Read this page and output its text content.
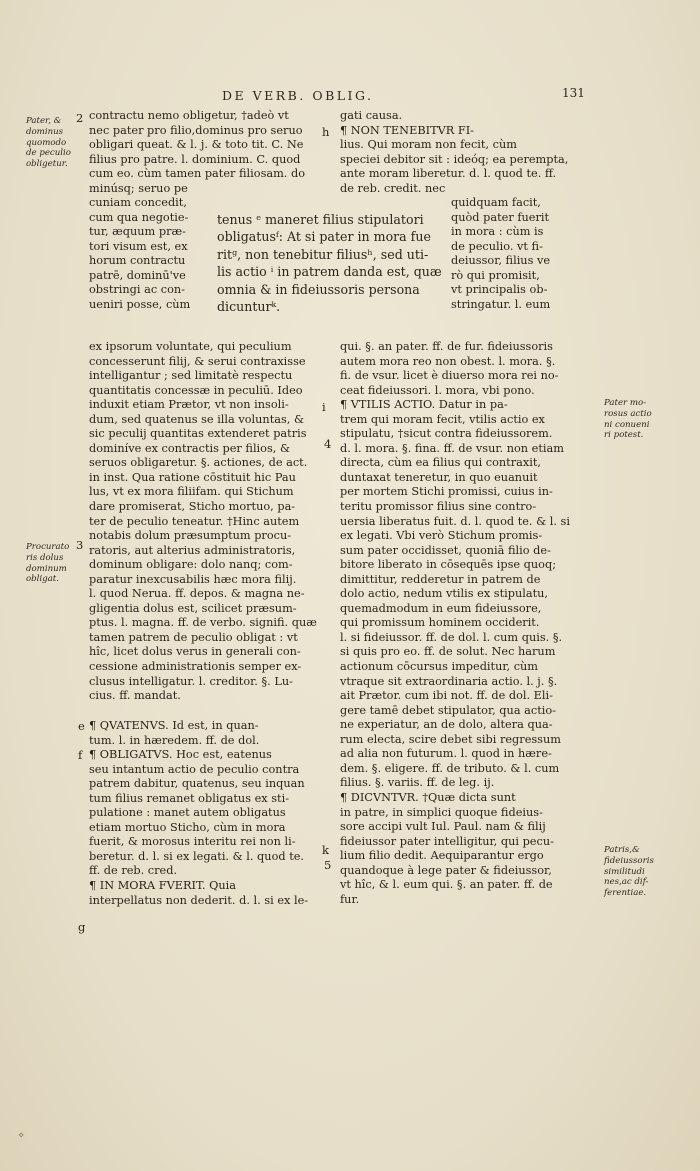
DE VERB. OBLIG.	131
Pater, &
dominus
quomodo
de peculio
obligetur.
Procurato
ris dolus
dominum
obligat.
Pater mo-
rosus actio
ni conueni
ri potest.
Patris,&
fideiussoris
similitudi
nes,ac dif-
ferentiae.
2
3
4
5
h
i
k
e
f
g
contractu nemo obligetur, †adeò vt
nec pater pro filio,dominus pro seruo
obligari queat. & l. j. & toto tit. C. Ne
filius pro patre. l. dominium. C. quod
cum eo. cùm tamen pater filiosam. do
minúsq; seruo pe
cuniam concedit,
cum qua negotie-
tur, æquum præ-
tori visum est, ex
horum contractu
patrē, dominū've
obstringi ac con-
ueniri posse, cùm
tenus ᵉ maneret filius stipulatori
obligatusᶠ: At si pater in mora fue
ritᵍ, non tenebitur filiusʰ, sed uti-
lis actio ⁱ in patrem danda est, quæ
omnia & in fideiussoris persona
dicunturᵏ.
ex ipsorum voluntate, qui peculium
concesserunt filij, & serui contraxisse
intelligantur ; sed limitatè respectu
quantitatis concessæ in peculiū. Ideo
induxit etiam Prætor, vt non insoli-
dum, sed quatenus se illa voluntas, &
sic peculij quantitas extenderet patris
dominíve ex contractis per filios, &
seruos obligaretur. §. actiones, de act.
in inst. Qua ratione cōstituit hic Pau
lus, vt ex mora filiifam. qui Stichum
dare promiserat, Sticho mortuo, pa-
ter de peculio teneatur. †Hinc autem
notabis dolum præsumptum procu-
ratoris, aut alterius administratoris,
dominum obligare: dolo nanq; com-
paratur inexcusabilis hæc mora filij.
l. quod Nerua. ff. depos. & magna ne-
gligentia dolus est, scilicet præsum-
ptus. l. magna. ff. de verbo. signifi. quæ
tamen patrem de peculio obligat : vt
hîc, licet dolus verus in generali con-
cessione administrationis semper ex-
clusus intelligatur. l. creditor. §. Lu-
cius. ff. mandat.
¶ QVATENVS. Id est, in quan-
tum. l. in hæredem. ff. de dol.
¶ OBLIGATVS. Hoc est, eatenus
seu intantum actio de peculio contra
patrem dabitur, quatenus, seu inquan
tum filius remanet obligatus ex sti-
pulatione : manet autem obligatus
etiam mortuo Sticho, cùm in mora
fuerit, & morosus interitu rei non li-
beretur. d. l. si ex legati. & l. quod te.
ff. de reb. cred.
¶ IN MORA FVERIT. Quia
interpellatus non dederit. d. l. si ex le-
gati causa.
¶ NON TENEBITVR FI-
lius. Qui moram non fecit, cùm
speciei debitor sit : ideóq; ea perempta,
ante moram liberetur. d. l. quod te. ff.
de reb. credit. nec
quidquam facit,
quòd pater fuerit
in mora : cùm is
de peculio. vt fi-
deiussor, filius ve
rò qui promisit,
vt principalis ob-
stringatur. l. eum
qui. §. an pater. ff. de fur. fideiussoris
autem mora reo non obest. l. mora. §.
fi. de vsur. licet è diuerso mora rei no-
ceat fideiussori. l. mora, vbi pono.
¶ VTILIS ACTIO. Datur in pa-
trem qui moram fecit, vtilis actio ex
stipulatu, †sicut contra fideiussorem.
d. l. mora. §. fina. ff. de vsur. non etiam
directa, cùm ea filius qui contraxit,
duntaxat teneretur, in quo euanuit
per mortem Stichi promissi, cuius in-
teritu promissor filius sine contro-
uersia liberatus fuit. d. l. quod te. & l. si
ex legati. Vbi verò Stichum promis-
sum pater occidisset, quoniā filio de-
bitore liberato in cōsequēs ipse quoq;
dimittitur, redderetur in patrem de
dolo actio, nedum vtilis ex stipulatu,
quemadmodum in eum fideiussore,
qui promissum hominem occiderit.
l. si fideiussor. ff. de dol. l. cum quis. §.
si quis pro eo. ff. de solut. Nec harum
actionum cōcursus impeditur, cùm
vtraque sit extraordinaria actio. l. j. §.
ait Prætor. cum ibi not. ff. de dol. Eli-
gere tamē debet stipulator, qua actio-
ne experiatur, an de dolo, altera qua-
rum electa, scire debet sibi regressum
ad alia non futurum. l. quod in hære-
dem. §. eligere. ff. de tributo. & l. cum
filius. §. variis. ff. de leg. ij.
¶ DICVNTVR. †Quæ dicta sunt
in patre, in simplici quoque fideius-
sore accipi vult Iul. Paul. nam & filij
fideiussor pater intelligitur, qui pecu-
lium filio dedit. Aequiparantur ergo
quandoque à lege pater & fideiussor,
vt hîc, & l. eum qui. §. an pater. ff. de
fur.
⋄
